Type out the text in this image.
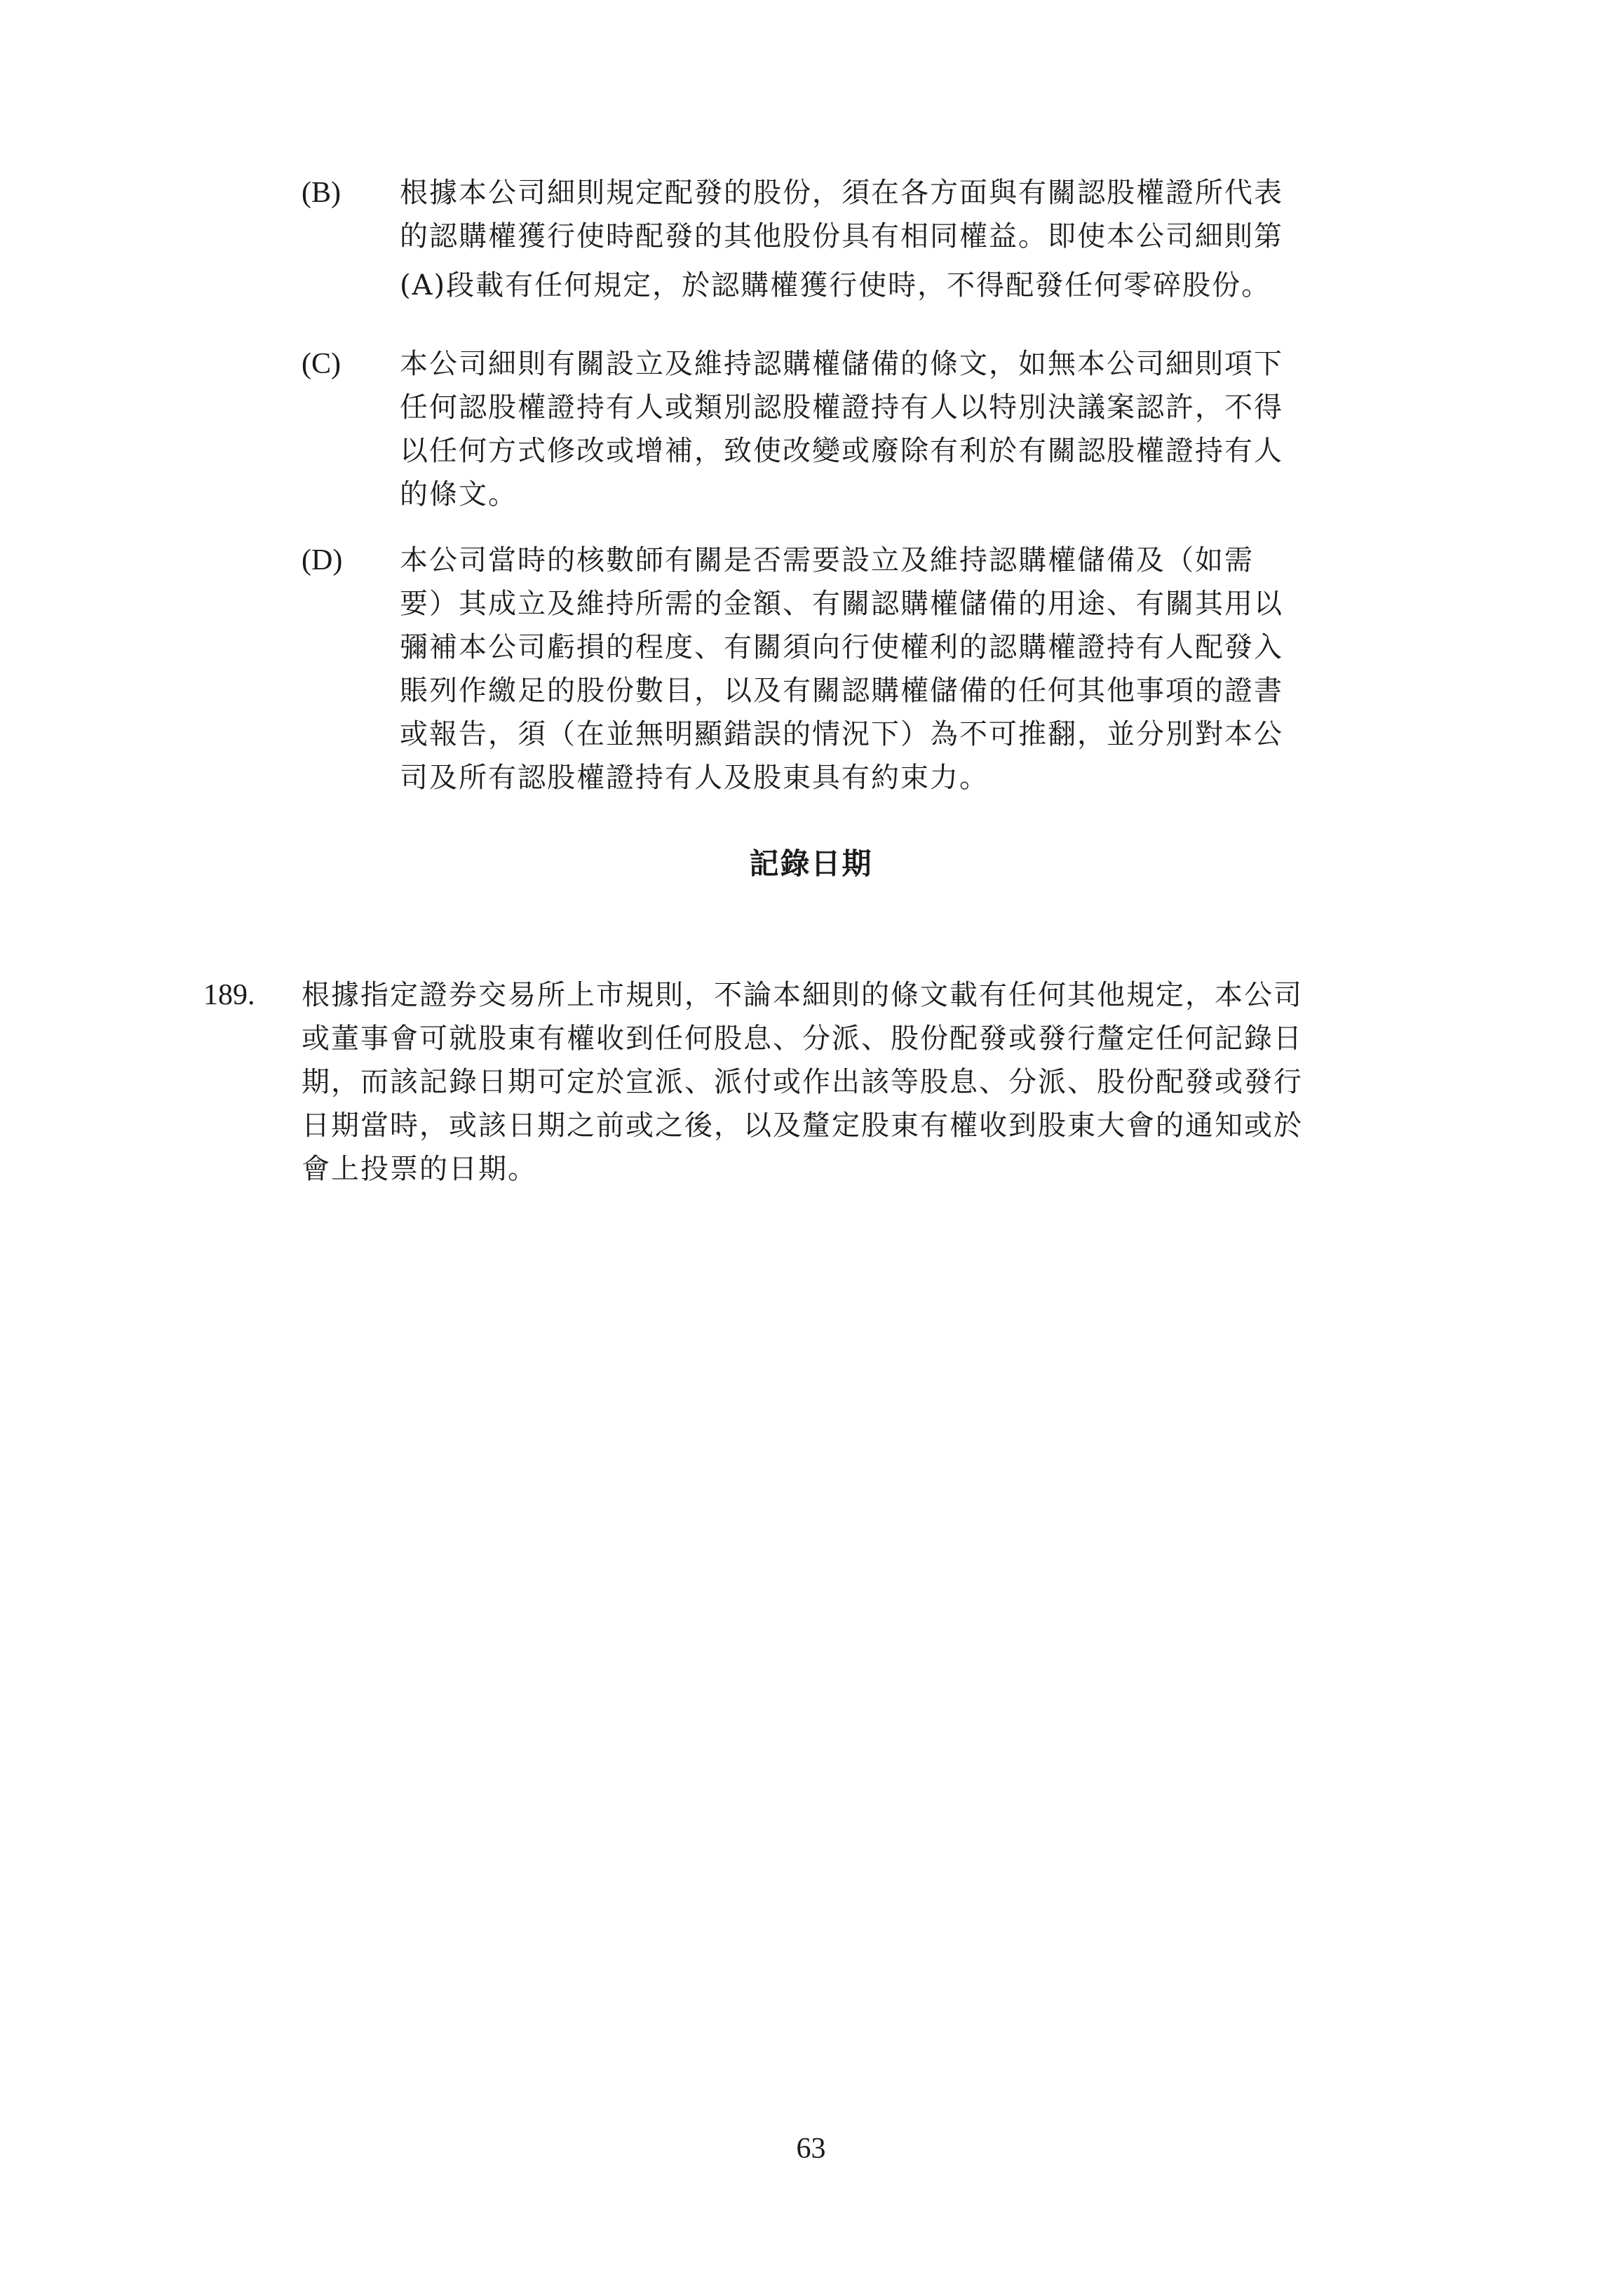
(B) 根據本公司細則規定配發的股份，須在各方面與有關認股權證所代表
的認購權獲行使時配發的其他股份具有相同權益。即使本公司細則第
(A)段載有任何規定，於認購權獲行使時，不得配發任何零碎股份。
(C) 本公司細則有關設立及維持認購權儲備的條文，如無本公司細則項下
任何認股權證持有人或類別認股權證持有人以特別決議案認許，不得
以任何方式修改或增補，致使改變或廢除有利於有關認股權證持有人
的條文。
(D) 本公司當時的核數師有關是否需要設立及維持認購權儲備及（如需
要）其成立及維持所需的金額、有關認購權儲備的用途、有關其用以
彌補本公司虧損的程度、有關須向行使權利的認購權證持有人配發入
賬列作繳足的股份數目，以及有關認購權儲備的任何其他事項的證書
或報告，須（在並無明顯錯誤的情況下）為不可推翻，並分別對本公
司及所有認股權證持有人及股東具有約束力。
記錄日期
189. 根據指定證券交易所上市規則，不論本細則的條文載有任何其他規定，本公司
或董事會可就股東有權收到任何股息、分派、股份配發或發行釐定任何記錄日
期，而該記錄日期可定於宣派、派付或作出該等股息、分派、股份配發或發行
日期當時，或該日期之前或之後，以及釐定股東有權收到股東大會的通知或於
會上投票的日期。
63
